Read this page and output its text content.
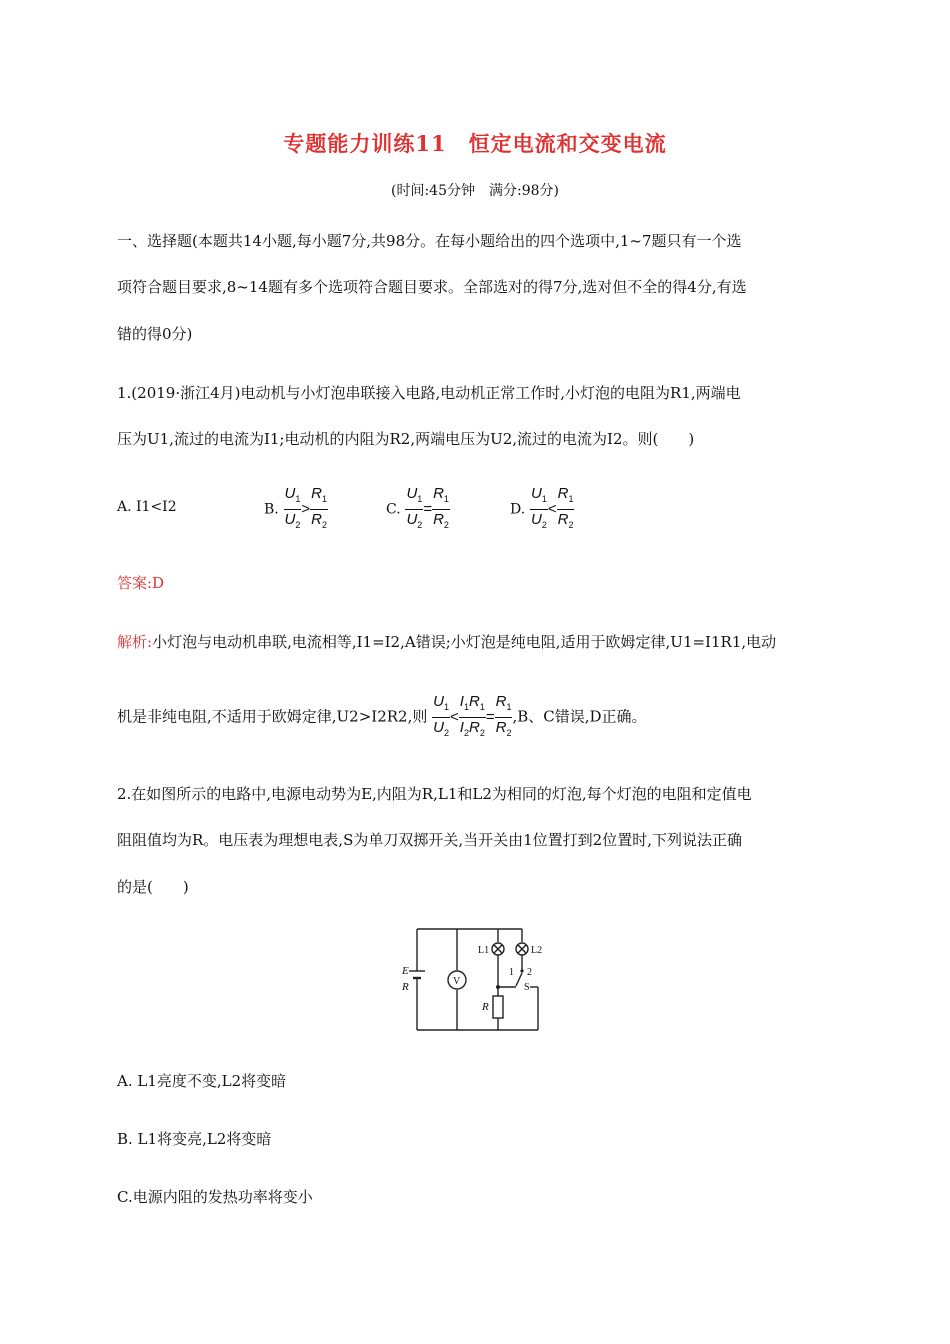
专题能力训练11　恒定电流和交变电流
(时间:45分钟　满分:98分)
一、选择题(本题共14小题,每小题7分,共98分。在每小题给出的四个选项中,1~7题只有一个选
项符合题目要求,8~14题有多个选项符合题目要求。全部选对的得7分,选对但不全的得4分,有选
错的得0分)
1.(2019·浙江4月)电动机与小灯泡串联接入电路,电动机正常工作时,小灯泡的电阻为R1,两端电
压为U1,流过的电流为I1;电动机的内阻为R2,两端电压为U2,流过的电流为I2。则(　　)
A. I1<I2	B. $\frac{U_1}{U_2} > \frac{R_1}{R_2}$	C. $\frac{U_1}{U_2} = \frac{R_1}{R_2}$	D. $\frac{U_1}{U_2} < \frac{R_1}{R_2}$
答案:D
解析:小灯泡与电动机串联,电流相等,I1=I2,A错误;小灯泡是纯电阻,适用于欧姆定律,U1=I1R1,电动
机是非纯电阻,不适用于欧姆定律,U2>I2R2,则 $\frac{U_1}{U_2} < \frac{I_1R_1}{I_2R_2} = \frac{R_1}{R_2} ,B$、C错误,D正确。
2.在如图所示的电路中,电源电动势为E,内阻为R,L1和L2为相同的灯泡,每个灯泡的电阻和定值电
阻阻值均为R。电压表为理想电表,S为单刀双掷开关,当开关由1位置打到2位置时,下列说法正确
的是(　　)
E
R	V
L1	L2
1 2
S
R
A. L1亮度不变,L2将变暗
B. L1将变亮,L2将变暗
C.电源内阻的发热功率将变小
